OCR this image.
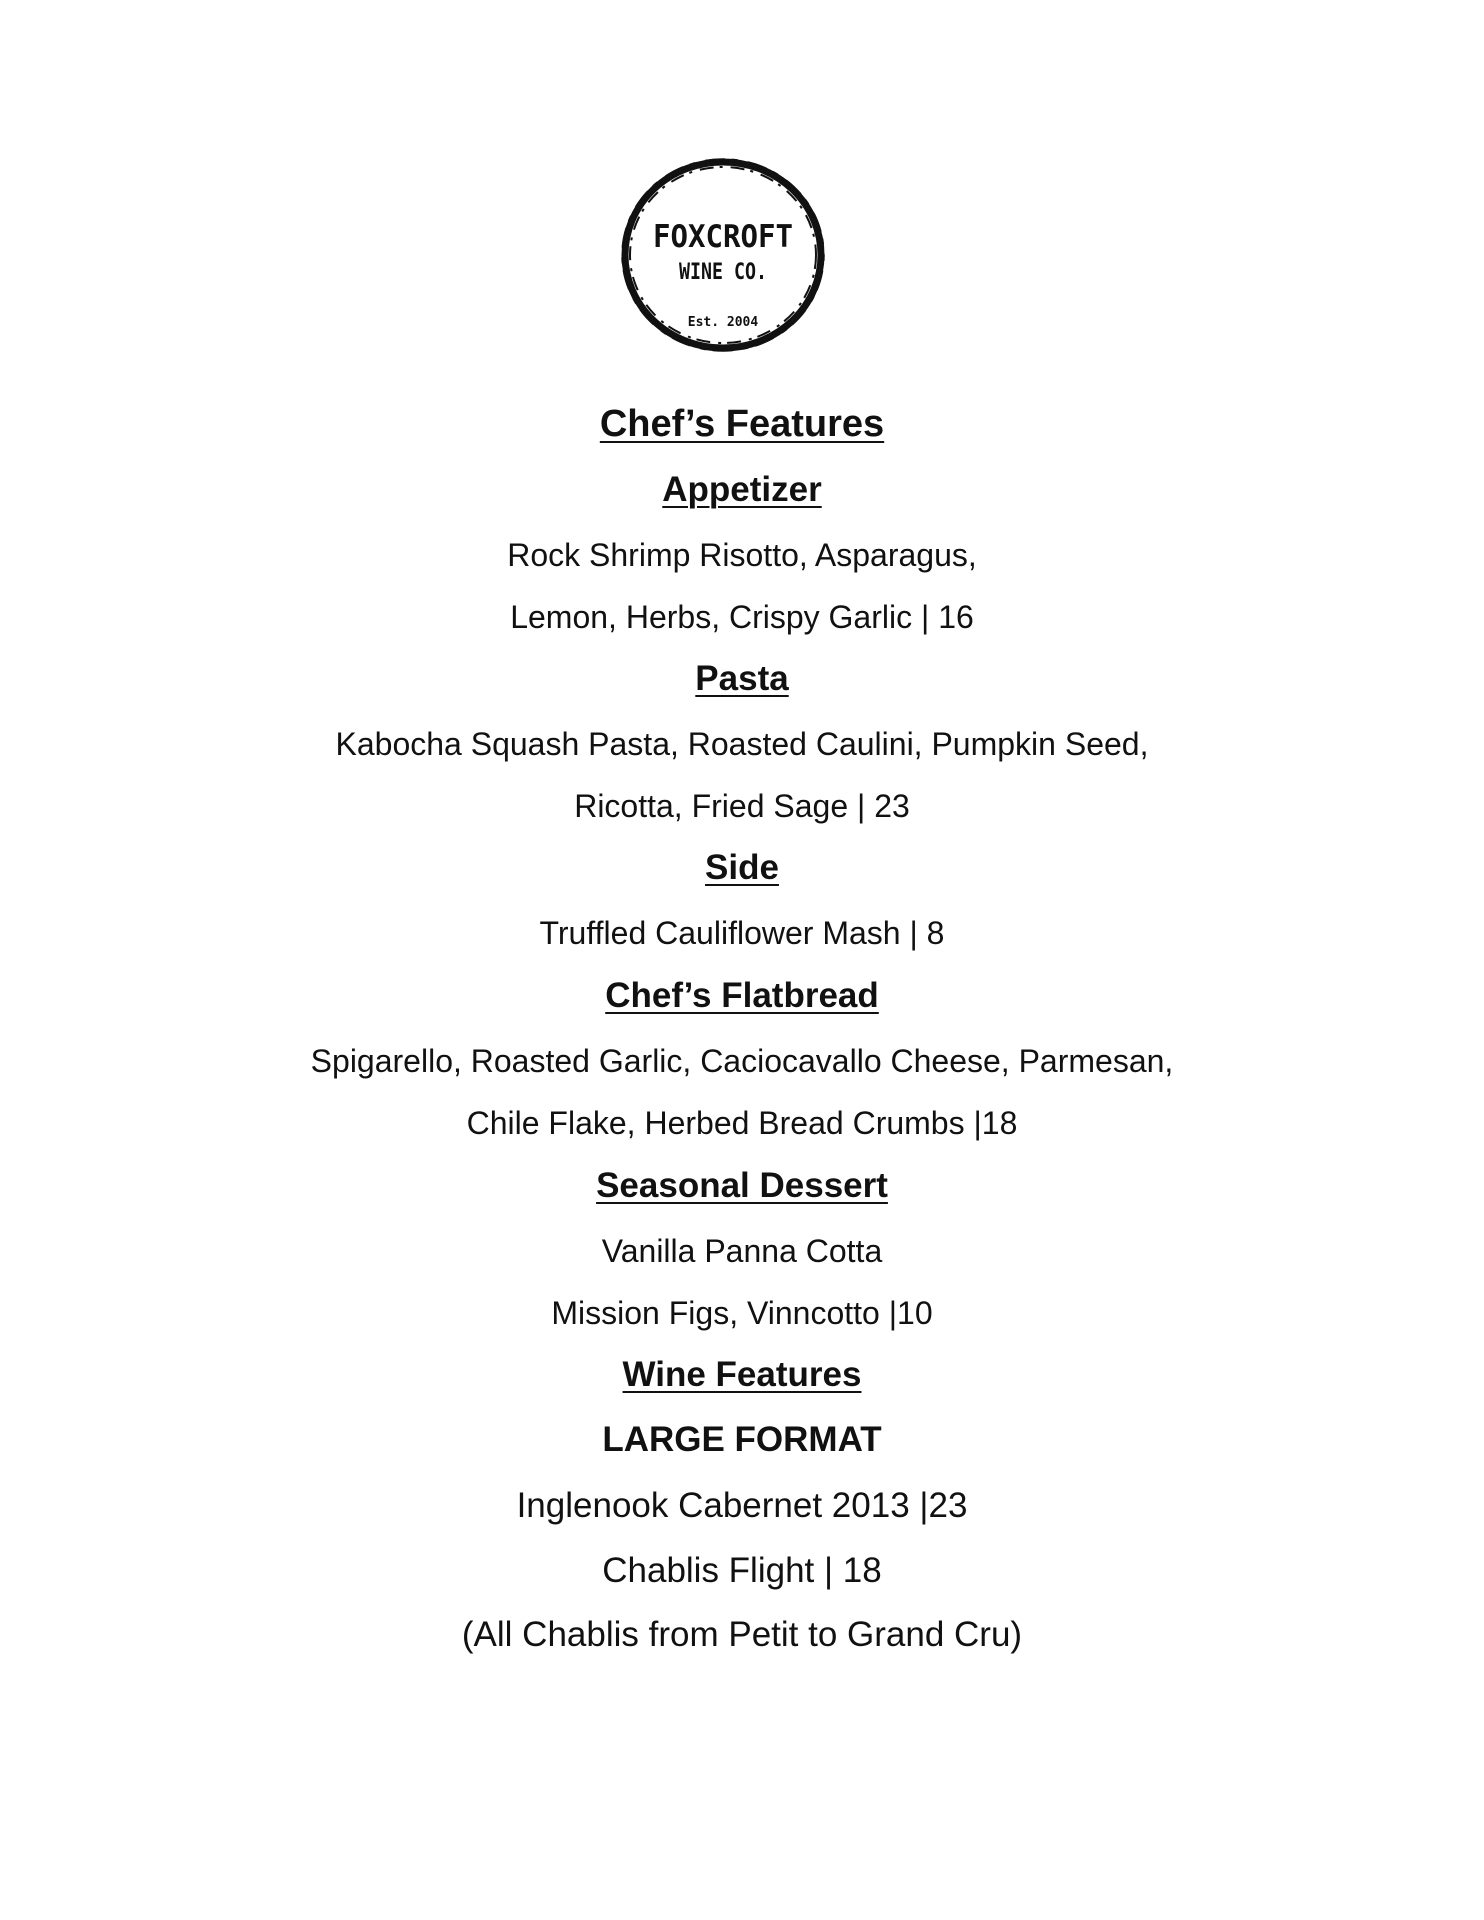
FOXCROFT
WINE CO.
Est. 2004
Chef’s Features
Appetizer
Rock Shrimp Risotto, Asparagus,
Lemon, Herbs, Crispy Garlic | 16
Pasta
Kabocha Squash Pasta, Roasted Caulini, Pumpkin Seed,
Ricotta, Fried Sage | 23
Side
Truffled Cauliflower Mash | 8
Chef’s Flatbread
Spigarello, Roasted Garlic, Caciocavallo Cheese, Parmesan,
Chile Flake, Herbed Bread Crumbs |18
Seasonal Dessert
Vanilla Panna Cotta
Mission Figs, Vinncotto |10
Wine Features
LARGE FORMAT
Inglenook Cabernet 2013 |23
Chablis Flight | 18
(All Chablis from Petit to Grand Cru)
